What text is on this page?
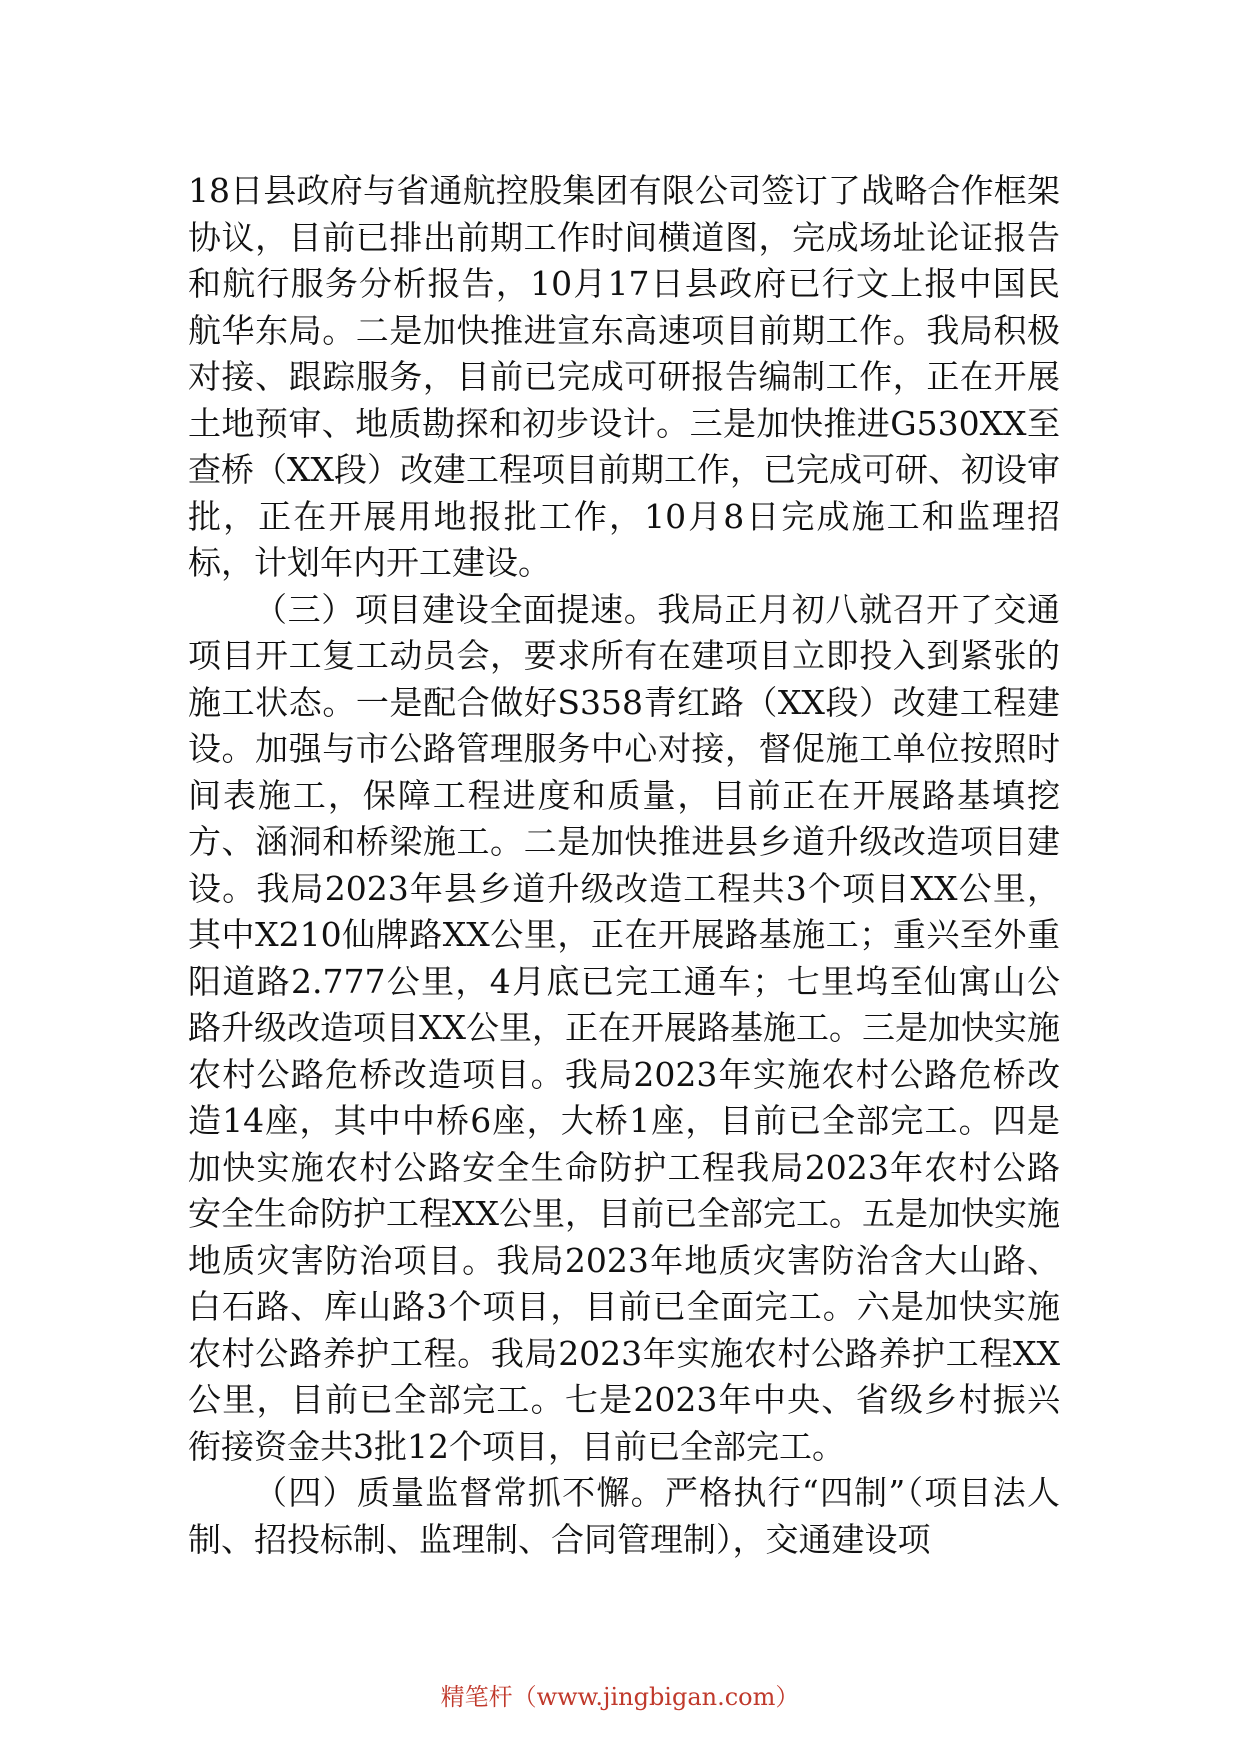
18日县政府与省通航控股集团有限公司签订了战略合作框架协议，目前已排出前期工作时间横道图，完成场址论证报告和航行服务分析报告，10月17日县政府已行文上报中国民航华东局。二是加快推进宣东高速项目前期工作。我局积极对接、跟踪服务，目前已完成可研报告编制工作，正在开展土地预审、地质勘探和初步设计。三是加快推进G530XX至查桥（XX段）改建工程项目前期工作，已完成可研、初设审批，正在开展用地报批工作，10月8日完成施工和监理招标，计划年内开工建设。

（三）项目建设全面提速。我局正月初八就召开了交通项目开工复工动员会，要求所有在建项目立即投入到紧张的施工状态。一是配合做好S358青红路（XX段）改建工程建设。加强与市公路管理服务中心对接，督促施工单位按照时间表施工，保障工程进度和质量，目前正在开展路基填挖方、涵洞和桥梁施工。二是加快推进县乡道升级改造项目建设。我局2023年县乡道升级改造工程共3个项目XX公里，其中X210仙牌路XX公里，正在开展路基施工；重兴至外重阳道路2.777公里，4月底已完工通车；七里坞至仙寓山公路升级改造项目XX公里，正在开展路基施工。三是加快实施农村公路危桥改造项目。我局2023年实施农村公路危桥改造14座，其中中桥6座，大桥1座，目前已全部完工。四是加快实施农村公路安全生命防护工程我局2023年农村公路安全生命防护工程XX公里，目前已全部完工。五是加快实施地质灾害防治项目。我局2023年地质灾害防治含大山路、白石路、库山路3个项目，目前已全面完工。六是加快实施农村公路养护工程。我局2023年实施农村公路养护工程XX公里，目前已全部完工。七是2023年中央、省级乡村振兴衔接资金共3批12个项目，目前已全部完工。

（四）质量监督常抓不懈。严格执行“四制”（项目法人制、招投标制、监理制、合同管理制），交通建设项

精笔杆（www.jingbigan.com）
